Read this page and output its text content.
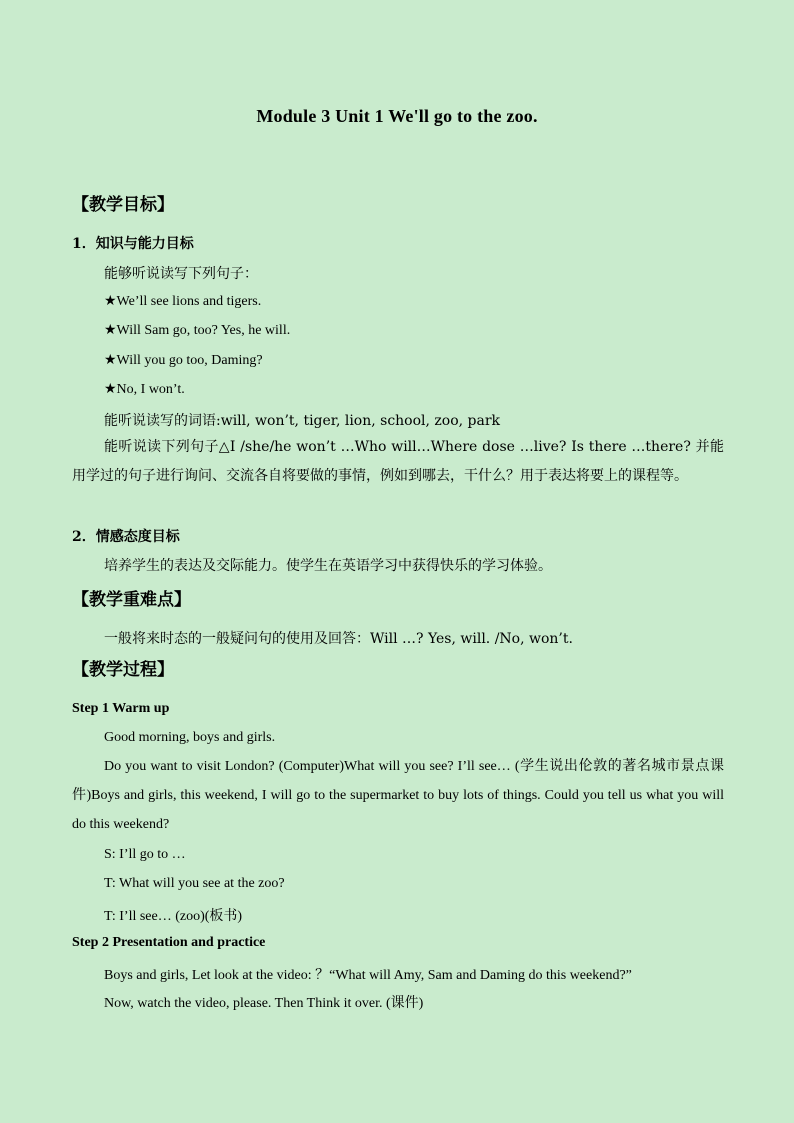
Module 3 Unit 1 We'll go to the zoo.
【教学目标】
1．知识与能力目标
能够听说读写下列句子：
★We’ll see lions and tigers.
★Will Sam go, too? Yes, he will.
★Will you go too, Daming?
★No, I won’t.
能听说读写的词语:will, won’t, tiger, lion, school, zoo, park
能听说读下列句子△I /she/he won’t …Who will…Where dose …live? Is there …there? 并能用学过的句子进行询问、交流各自将要做的事情，例如到哪去，干什么？用于表达将要上的课程等。
2．情感态度目标
培养学生的表达及交际能力。使学生在英语学习中获得快乐的学习体验。
【教学重难点】
一般将来时态的一般疑问句的使用及回答：Will …? Yes, will. /No, won’t.
【教学过程】
Step 1 Warm up
Good morning, boys and girls.
Do you want to visit London? (Computer)What will you see? I’ll see… (学生说出伦敦的著名城市景点课件)Boys and girls, this weekend, I will go to the supermarket to buy lots of things. Could you tell us what you will do this weekend?
S: I’ll go to …
T: What will you see at the zoo?
T: I’ll see… (zoo)(板书)
Step 2 Presentation and practice
Boys and girls, Let look at the video: ？“What will Amy, Sam and Daming do this weekend?”
Now, watch the video, please. Then Think it over. (课件)
